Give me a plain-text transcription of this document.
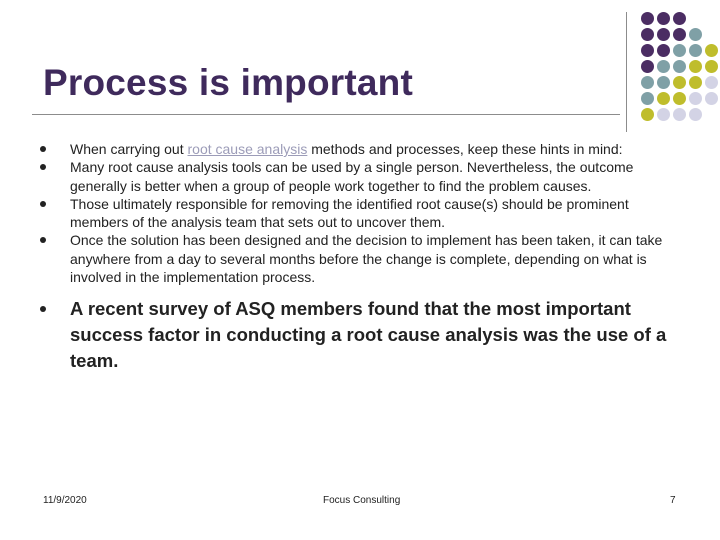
Process is important
When carrying out root cause analysis methods and processes, keep these hints in mind:
Many root cause analysis tools can be used by a single person. Nevertheless, the outcome generally is better when a group of people work together to find the problem causes.
Those ultimately responsible for removing the identified root cause(s) should be prominent members of the analysis team that sets out to uncover them.
Once the solution has been designed and the decision to implement has been taken, it can take anywhere from a day to several months before the change is complete, depending on what is involved in the implementation process.
A recent survey of ASQ members found that the most important success factor in conducting a root cause analysis was the use of a team.
11/9/2020	Focus Consulting	7
